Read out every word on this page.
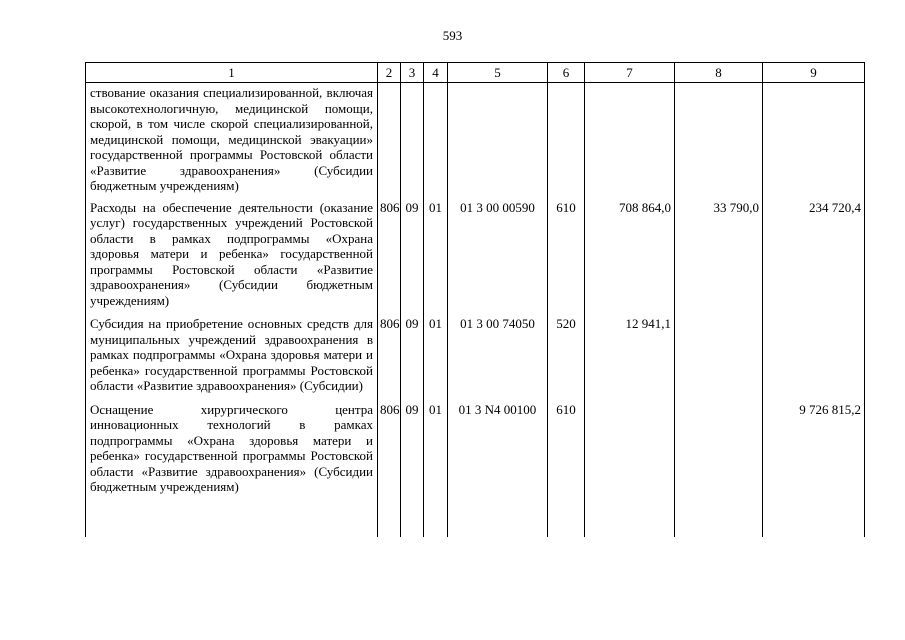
593
1	2	3	4	5	6	7	8	9
ствование оказания специализированной, включая высокотехнологичную, медицинской помощи, скорой, в том числе скорой специализированной, медицинской помощи, медицинской эвакуации» государственной программы Ростовской области «Развитие здравоохранения» (Субсидии бюджетным учреждениям)								
Расходы на обеспечение деятельности (оказание услуг) государственных учреждений Ростовской области в рамках подпрограммы «Охрана здоровья матери и ребенка» государственной программы Ростовской области «Развитие здравоохранения» (Субсидии бюджетным учреждениям)	806	09	01	01 3 00 00590	610	708 864,0	33 790,0	234 720,4
Субсидия на приобретение основных средств для муниципальных учреждений здравоохранения в рамках подпрограммы «Охрана здоровья матери и ребенка» государственной программы Ростовской области «Развитие здравоохранения» (Субсидии)	806	09	01	01 3 00 74050	520	12 941,1		
Оснащение хирургического центра инновационных технологий в рамках подпрограммы «Охрана здоровья матери и ребенка» государственной программы Ростовской области «Развитие здравоохранения» (Субсидии бюджетным учреждениям)	806	09	01	01 3 N4 00100	610			9 726 815,2
